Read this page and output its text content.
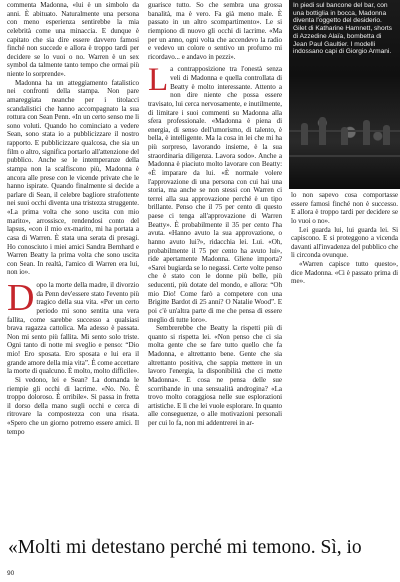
commenta Madonna, «lui è un simbolo da anni. È abituato. Naturalmente una persona con meno esperienza sentirebbe la mia celebrità come una minaccia. E dunque è capitato che sia dire essere davvero famosi finché non succede e allora è troppo tardi per decidere se lo vuoi o no. Warren è un sex symbol da talmente tanto tempo che ormai più niente lo sorprende».

Madonna ha un atteggiamento fatalistico nei confronti della stampa. Non pare amareggiata neanche per i titolacci scandalistici che hanno accompagnato la sua rottura con Sean Penn. «In un certo senso me li sono voluti. Quando ho cominciato a vedere Sean, sono stata io a pubblicizzare il nostro rapporto. E pubblicizzare qualcosa, che sia un film o altro, significa portarlo all'attenzione del pubblico. Anche se le intemperanze della stampa non la scalfiscono più, Madonna è ancora alle prese con le vicende private che le hanno ispirate. Quando finalmente si decide a parlare di Sean, il celebre bagliore strafottente nei suoi occhi diventa una tristezza struggente. «La prima volta che sono uscita con mio marito», arrossisce, rendendosi conto del lapsus, «con il mio ex-marito, mi ha portata a casa di Warren. È stata una serata di presagi. Ho conosciuto i miei amici Sandra Bernhard e Warren Beatty la prima volta che sono uscita con Sean. In realtà, l'amico di Warren era lui, non io».

Dopo la morte della madre, il divorzio da Penn dev'essere stato l'evento più tragico della sua vita. «Per un certo periodo mi sono sentita una vera fallita, come sarebbe successo a qualsiasi brava ragazza cattolica. Ma adesso è passata. Non mi sento più fallita. Mi sento solo triste. Ogni tanto di notte mi sveglio e penso: “Dio mio! Ero sposata. Ero sposata e lui era il grande amore della mia vita”. È come accettare la morte di qualcuno. È molto, molto difficile».

Si vedono, lei e Sean? La domanda le riempie gli occhi di lacrime. «No. No. È troppo doloroso. È orribile». Si passa in fretta il dorso della mano sugli occhi e cerca di ritrovare la compostezza con una risata. «Spero che un giorno potremo essere amici. Il tempo

guarisce tutto. So che sembra una grossa banalità, ma è vero. Fa già meno male. È passato in un altro scompartimento». Le si riempiono di nuovo gli occhi di lacrime. «Ma per un anno, ogni volta che accendevo la radio e vedevo un colore o sentivo un profumo mi ricordavo... e andavo in pezzi».

La contrapposizione tra l'onestà senza veli di Madonna e quella controllata di Beatty è molto interessante. Attento a non dire niente che possa essere travisato, lui cerca nervosamente, e inutilmente, di limitare i suoi commenti su Madonna alla sfera professionale. «Madonna è piena di energia, di senso dell'umorismo, di talento, è bella, è intelligente. Ma la cosa in lei che mi ha più sorpreso, lavorando insieme, è la sua straordinaria diligenza. Lavora sodo». Anche a Madonna è piaciuto molto lavorare con Beatty: «È imparare da lui. «È normale volere l'approvazione di una persona con cui hai una storia, ma anche se non stessi con Warren ci terrei alla sua approvazione perché è un tipo brillante. Penso che il 75 per cento di questo paese ci tenga all'approvazione di Warren Beatty». È probabilmente il 35 per cento l'ha avuta. «Hanno avuto la sua approvazione, o hanno avuto lui?», ridacchia lei. Lui. «Oh, probabilmente il 75 per cento ha avuto lui», ride apertamente Madonna. Gliene importa? «Sarei bugiarda se lo negassi. Certe volte penso che è stato con le donne più belle, più seducenti, più dotate del mondo, e allora: “Oh mio Dio! Come farò a competere con una Brigitte Bardot di 25 anni? O Natalie Wood”. E poi c'è un'altra parte di me che pensa di essere meglio di tutte loro».

Sembrerebbe che Beatty la rispetti più di quanto si rispetta lei. «Non penso che ci sia molta gente che se fare tutto quello che fa Madonna, e altrettanto bene. Gente che sia altrettanto positiva, che sappia mettere in un lavoro l'energia, la disponibilità che ci mette Madonna». E cosa ne pensa delle sue scorribande in una sensualità androgina? «La trovo molto coraggiosa nelle sue esplorazioni artistiche. E lì che lei vuole esplorare. In quanto alle conseguenze, o alle motivazioni personali per cui lo fa, non mi addentrerei in ar-

In piedi sul bancone del bar, con una bottiglia in bocca, Madonna diventa l'oggetto del desiderio. Gilet di Katharine Hamnett, shorts di Azzedine Alaïa, bombetta di Jean Paul Gaultier. I modelli indossano capi di Giorgio Armani.

lo non sapevo cosa comportasse essere famosi finché non è successo. E allora è troppo tardi per decidere se lo vuoi o no».

Lei guarda lui, lui guarda lei. Si capiscono. E si proteggono a vicenda davanti all'invadenza del pubblico che li circonda ovunque.

«Warren capisce tutto questo», dice Madonna. «Ci è passato prima di me».

«Molti mi detestano perché mi temono. Sì, io
90
